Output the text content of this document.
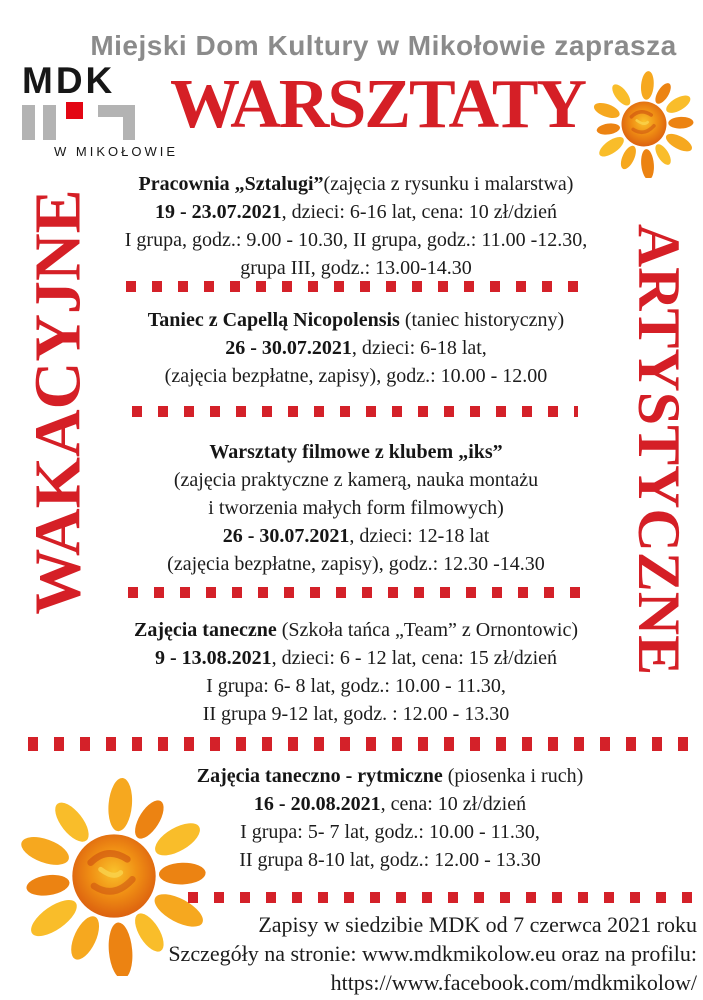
Miejski Dom Kultury w Mikołowie zaprasza
MDK
W MIKOŁOWIE
WARSZTATY
WAKACYJNE	ARTYSTYCZNE

Pracownia „Sztalugi”(zajęcia z rysunku i malarstwa)

19 - 23.07.2021, dzieci: 6-16 lat, cena: 10 zł/dzień

I grupa, godz.: 9.00 - 10.30, II grupa, godz.: 11.00 -12.30,

grupa III, godz.: 13.00-14.30

Taniec z Capellą Nicopolensis (taniec historyczny)

26 - 30.07.2021, dzieci: 6-18 lat,

(zajęcia bezpłatne, zapisy), godz.: 10.00 - 12.00

Warsztaty filmowe z klubem „iks”

(zajęcia praktyczne z kamerą, nauka montażu

i tworzenia małych form filmowych)

26 - 30.07.2021, dzieci: 12-18 lat

(zajęcia bezpłatne, zapisy), godz.: 12.30 -14.30

Zajęcia taneczne (Szkoła tańca „Team” z Ornontowic)

9 - 13.08.2021, dzieci: 6 - 12 lat, cena: 15 zł/dzień

I grupa: 6- 8 lat, godz.: 10.00 - 11.30,

II grupa 9-12 lat, godz. : 12.00 - 13.30

Zajęcia taneczno - rytmiczne (piosenka i ruch)

16 - 20.08.2021, cena: 10 zł/dzień

I grupa: 5- 7 lat, godz.: 10.00 - 11.30,

II grupa 8-10 lat, godz.: 12.00 - 13.30

Zapisy w siedzibie MDK od 7 czerwca 2021 roku

Szczegóły na stronie: www.mdkmikolow.eu oraz na profilu:

https://www.facebook.com/mdkmikolow/
